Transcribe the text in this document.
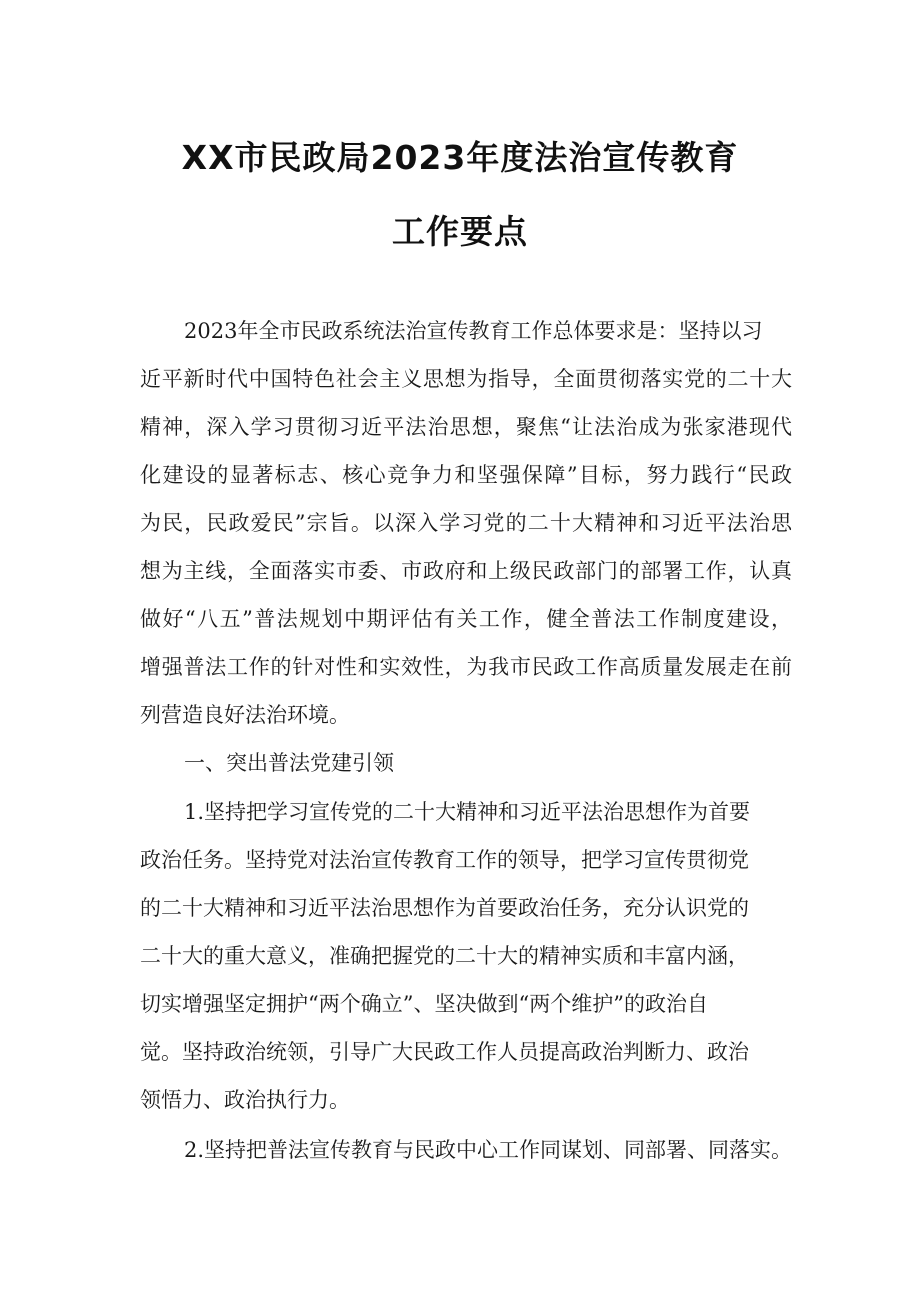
XX市民政局2023年度法治宣传教育
工作要点

2023年全市民政系统法治宣传教育工作总体要求是：坚持以习

近平新时代中国特色社会主义思想为指导，全面贯彻落实党的二十大

精神，深入学习贯彻习近平法治思想，聚焦“让法治成为张家港现代

化建设的显著标志、核心竞争力和坚强保障”目标，努力践行“民政

为民，民政爱民”宗旨。以深入学习党的二十大精神和习近平法治思

想为主线，全面落实市委、市政府和上级民政部门的部署工作，认真

做好“八五”普法规划中期评估有关工作，健全普法工作制度建设，

增强普法工作的针对性和实效性，为我市民政工作高质量发展走在前

列营造良好法治环境。

一、突出普法党建引领

1.坚持把学习宣传党的二十大精神和习近平法治思想作为首要

政治任务。坚持党对法治宣传教育工作的领导，把学习宣传贯彻党

的二十大精神和习近平法治思想作为首要政治任务，充分认识党的

二十大的重大意义，准确把握党的二十大的精神实质和丰富内涵，

切实增强坚定拥护“两个确立”、坚决做到“两个维护”的政治自

觉。坚持政治统领，引导广大民政工作人员提高政治判断力、政治

领悟力、政治执行力。

2.坚持把普法宣传教育与民政中心工作同谋划、同部署、同落实。
